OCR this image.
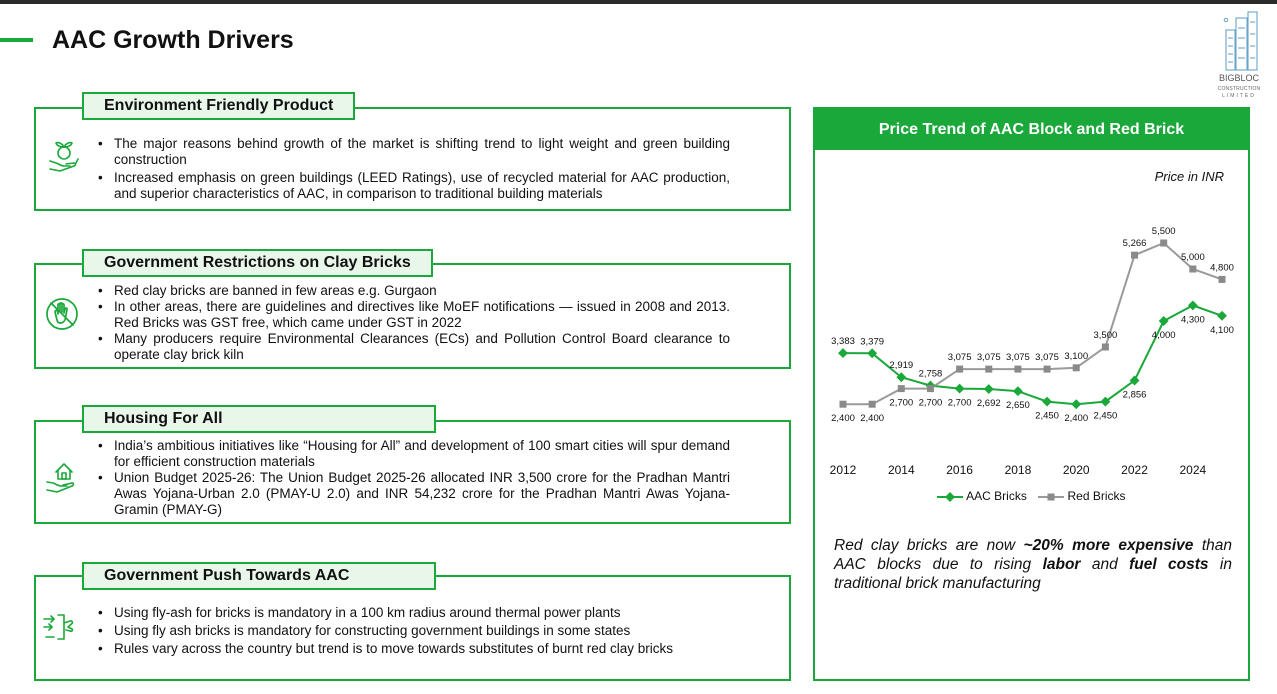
AAC Growth Drivers
BIGBLOC
CONSTRUCTION
LIMITED
Environment Friendly Product
• The major reasons behind growth of the market is shifting trend to light weight and green building construction
• Increased emphasis on green buildings (LEED Ratings), use of recycled material for AAC production, and superior characteristics of AAC, in comparison to traditional building materials
Government Restrictions on Clay Bricks
• Red clay bricks are banned in few areas e.g. Gurgaon
• In other areas, there are guidelines and directives like MoEF notifications — issued in 2008 and 2013. Red Bricks was GST free, which came under GST in 2022
• Many producers require Environmental Clearances (ECs) and Pollution Control Board clearance to operate clay brick kiln
Housing For All
• India’s ambitious initiatives like “Housing for All” and development of 100 smart cities will spur demand for efficient construction materials
• Union Budget 2025-26: The Union Budget 2025-26 allocated INR 3,500 crore for the Pradhan Mantri Awas Yojana-Urban 2.0 (PMAY-U 2.0) and INR 54,232 crore for the Pradhan Mantri Awas Yojana-Gramin (PMAY-G)
Government Push Towards AAC
• Using fly-ash for bricks is mandatory in a 100 km radius around thermal power plants
• Using fly ash bricks is mandatory for constructing government buildings in some states
• Rules vary across the country but trend is to move towards substitutes of burnt red clay bricks
Price Trend of AAC Block and Red Brick
Price in INR
3,383 3,379
2,919
2,758
2,700 2,692 2,650
2,450 2,400 2,450
2,856
4,000
4,300
4,100
2,400 2,400
2,700 2,700
3,075 3,075 3,075 3,075 3,100
3,500
5,266
5,500
5,000
4,800
2012	2014	2016	2018	2020	2022	2024
AAC Bricks	Red Bricks
Red clay bricks are now ~20% more expensive than AAC blocks due to rising labor and fuel costs in traditional brick manufacturing
